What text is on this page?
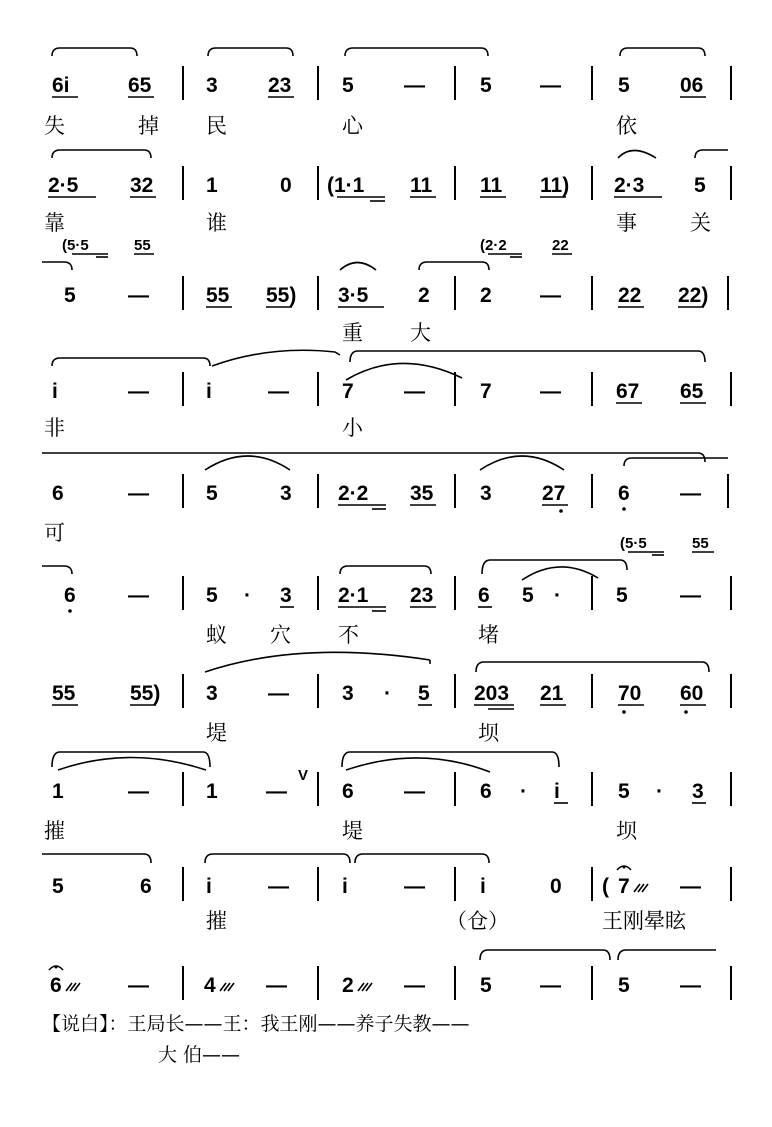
6i	65	3 23 5 —	5 —	5 06
失	掉 民	心	依
2·5 32	1	0 (1·1 11 11 11) 2·3 5
靠	谁	事	关
(5·5	55	(2·2	22
5 —	55 55) 3·5 2 2 —	22 22)
重 大
i	—	i	—	7 —	7 —	67 65
非	小
6	—	5	3 2·2 35 3 27	6 —
可	(5·5	55
6 —	5 · 3 2·1 23 6 5 ·	5 —
蚁 穴 不	堵
55	55) 3 —	3 · 5 203 21	70 60
堤	坝
1	—	1 —
V
6 —	6 · i	5 · 3
摧	堤	坝
5	6	i	—	i	—	i	0 ( 7 —
摧	（仓）	王刚晕眩
6	—	4 —	2 —	5 —	5 —
【说白】：王局长——王：我王刚——养子失教——
大 伯——
